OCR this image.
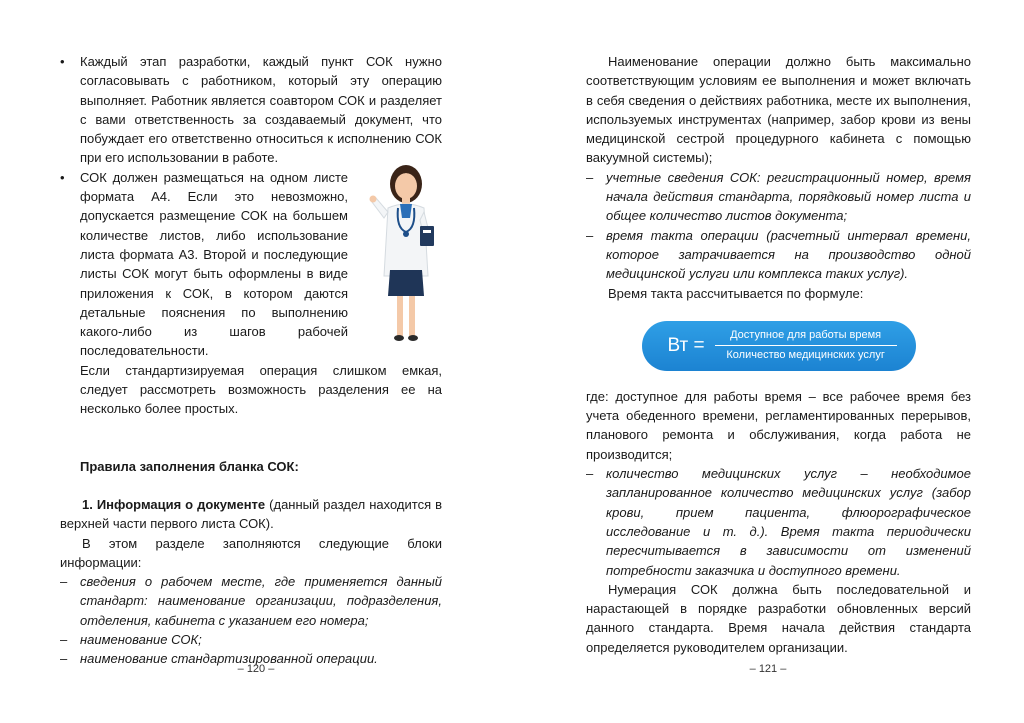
• Каждый этап разработки, каждый пункт СОК нужно согласовывать с работником, который эту операцию выполняет. Работник является соавтором СОК и разделяет с вами ответственность за создаваемый документ, что побуждает его ответственно относиться к исполнению СОК при его использовании в работе.

• СОК должен размещаться на одном листе формата А4. Если это невозможно, допускается размещение СОК на большем количестве листов, либо использование листа формата А3. Второй и последующие листы СОК могут быть оформлены в виде приложения к СОК, в котором даются детальные пояснения по выполнению какого-либо из шагов рабочей последовательности.

Если стандартизируемая операция слишком емкая, следует рассмотреть возможность разделения ее на несколько более простых.

Правила заполнения бланка СОК:

1. Информация о документе (данный раздел находится в верхней части первого листа СОК).

В этом разделе заполняются следующие блоки информации:

– сведения о рабочем месте, где применяется данный стандарт: наименование организации, подразделения, отделения, кабинета с указанием его номера;

– наименование СОК;

– наименование стандартизированной операции.

– 120 –

Наименование операции должно быть максимально соответствующим условиям ее выполнения и может включать в себя сведения о действиях работника, месте их выполнения, используемых инструментах (например, забор крови из вены медицинской сестрой процедурного кабинета с помощью вакуумной системы);

– учетные сведения СОК: регистрационный номер, время начала действия стандарта, порядковый номер листа и общее количество листов документа;

– время такта операции (расчетный интервал времени, которое затрачивается на производство одной медицинской услуги или комплекса таких услуг).

Время такта рассчитывается по формуле:

Вт = $\frac{\text{Доступное для работы время}}{\text{Количество медицинских услуг}}$

где: доступное для работы время – все рабочее время без учета обеденного времени, регламентированных перерывов, планового ремонта и обслуживания, когда работа не производится;

– количество медицинских услуг – необходимое запланированное количество медицинских услуг (забор крови, прием пациента, флюорографическое исследование и т. д.). Время такта периодически пересчитывается в зависимости от изменений потребности заказчика и доступного времени.

Нумерация СОК должна быть последовательной и нарастающей в порядке разработки обновленных версий данного стандарта. Время начала действия стандарта определяется руководителем организации.

– 121 –
